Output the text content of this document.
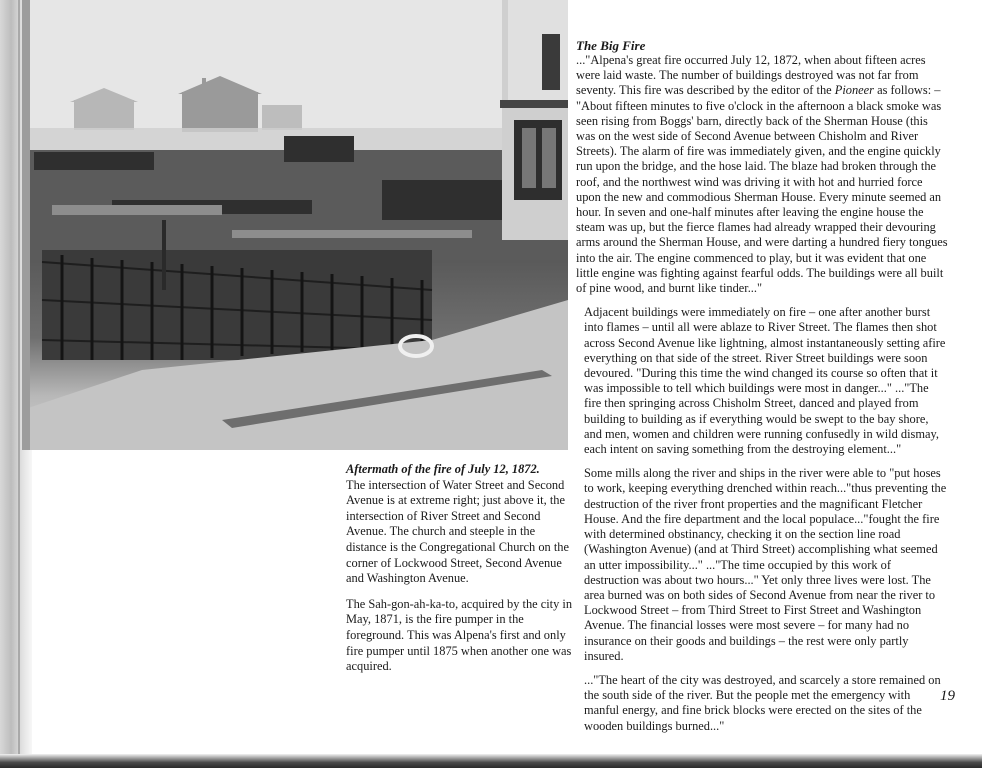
Aftermath of the fire of July 12, 1872.
The intersection of Water Street and Second Avenue is at extreme right; just above it, the intersection of River Street and Second Avenue. The church and steeple in the distance is the Congregational Church on the corner of Lockwood Street, Second Avenue and Washington Avenue.

The Sah-gon-ah-ka-to, acquired by the city in May, 1871, is the fire pumper in the foreground. This was Alpena's first and only fire pumper until 1875 when another one was acquired.

The Big Fire

..."Alpena's great fire occurred July 12, 1872, when about fifteen acres were laid waste. The number of buildings destroyed was not far from seventy. This fire was described by the editor of the Pioneer as follows: – "About fifteen minutes to five o'clock in the afternoon a black smoke was seen rising from Boggs' barn, directly back of the Sherman House (this was on the west side of Second Avenue between Chisholm and River Streets). The alarm of fire was immediately given, and the engine quickly run upon the bridge, and the hose laid. The blaze had broken through the roof, and the northwest wind was driving it with hot and hurried force upon the new and commodious Sherman House. Every minute seemed an hour. In seven and one-half minutes after leaving the engine house the steam was up, but the fierce flames had already wrapped their devouring arms around the Sherman House, and were darting a hundred fiery tongues into the air. The engine commenced to play, but it was evident that one little engine was fighting against fearful odds. The buildings were all built of pine wood, and burnt like tinder..."

Adjacent buildings were immediately on fire – one after another burst into flames – until all were ablaze to River Street. The flames then shot across Second Avenue like lightning, almost instantaneously setting afire everything on that side of the street. River Street buildings were soon devoured. "During this time the wind changed its course so often that it was impossible to tell which buildings were most in danger..." ..."The fire then springing across Chisholm Street, danced and played from building to building as if everything would be swept to the bay shore, and men, women and children were running confusedly in wild dismay, each intent on saving something from the destroying element..."

Some mills along the river and ships in the river were able to "put hoses to work, keeping everything drenched within reach..."thus preventing the destruction of the river front properties and the magnificant Fletcher House. And the fire department and the local populace..."fought the fire with determined obstinancy, checking it on the section line road (Washington Avenue) (and at Third Street) accomplishing what seemed an utter impossibility..." ..."The time occupied by this work of destruction was about two hours..." Yet only three lives were lost. The area burned was on both sides of Second Avenue from near the river to Lockwood Street – from Third Street to First Street and Washington Avenue. The financial losses were most severe – for many had no insurance on their goods and buildings – the rest were only partly insured.

..."The heart of the city was destroyed, and scarcely a store remained on the south side of the river. But the people met the emergency with manful energy, and fine brick blocks were erected on the sites of the wooden buildings burned..."

19
